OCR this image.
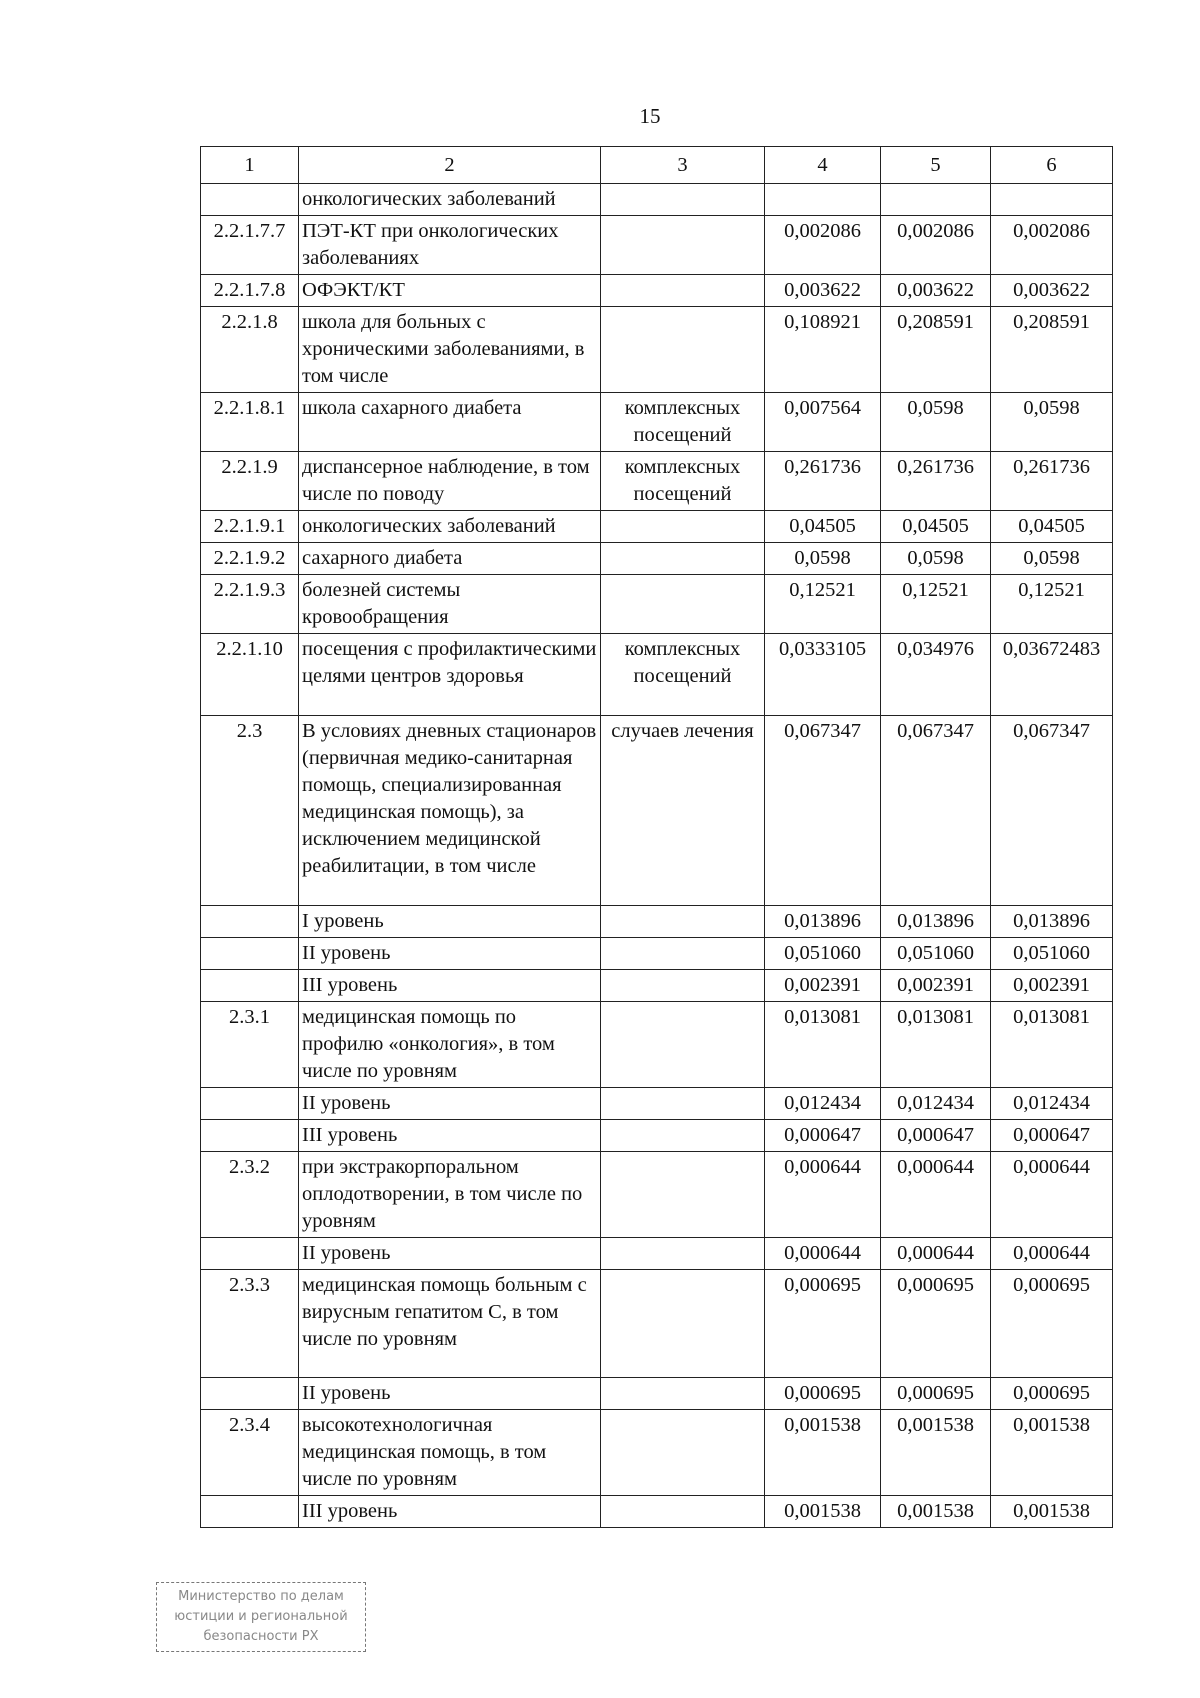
15
1	2	3	4	5	6
	онкологических заболеваний				
2.2.1.7.7	ПЭТ-КТ при онкологических заболеваниях		0,002086	0,002086	0,002086
2.2.1.7.8	ОФЭКТ/КТ		0,003622	0,003622	0,003622
2.2.1.8	школа для больных с хроническими заболеваниями, в том числе		0,108921	0,208591	0,208591
2.2.1.8.1	школа сахарного диабета	комплексных посещений	0,007564	0,0598	0,0598
2.2.1.9	диспансерное наблюдение, в том числе по поводу	комплексных посещений	0,261736	0,261736	0,261736
2.2.1.9.1	онкологических заболеваний		0,04505	0,04505	0,04505
2.2.1.9.2	сахарного диабета		0,0598	0,0598	0,0598
2.2.1.9.3	болезней системы кровообращения		0,12521	0,12521	0,12521
2.2.1.10	посещения с профилактическими целями центров здоровья	комплексных посещений	0,0333105	0,034976	0,03672483
2.3	В условиях дневных стационаров (первичная медико-санитарная помощь, специализированная медицинская помощь), за исключением медицинской реабилитации, в том числе	случаев лечения	0,067347	0,067347	0,067347
	I уровень		0,013896	0,013896	0,013896
	II уровень		0,051060	0,051060	0,051060
	III уровень		0,002391	0,002391	0,002391
2.3.1	медицинская помощь по профилю «онкология», в том числе по уровням		0,013081	0,013081	0,013081
	II уровень		0,012434	0,012434	0,012434
	III уровень		0,000647	0,000647	0,000647
2.3.2	при экстракорпоральном оплодотворении, в том числе по уровням		0,000644	0,000644	0,000644
	II уровень		0,000644	0,000644	0,000644
2.3.3	медицинская помощь больным с вирусным гепатитом С, в том числе по уровням		0,000695	0,000695	0,000695
	II уровень		0,000695	0,000695	0,000695
2.3.4	высокотехнологичная медицинская помощь, в том числе по уровням		0,001538	0,001538	0,001538
	III уровень		0,001538	0,001538	0,001538
Министерство по делам
юстиции и региональной
безопасности РХ
